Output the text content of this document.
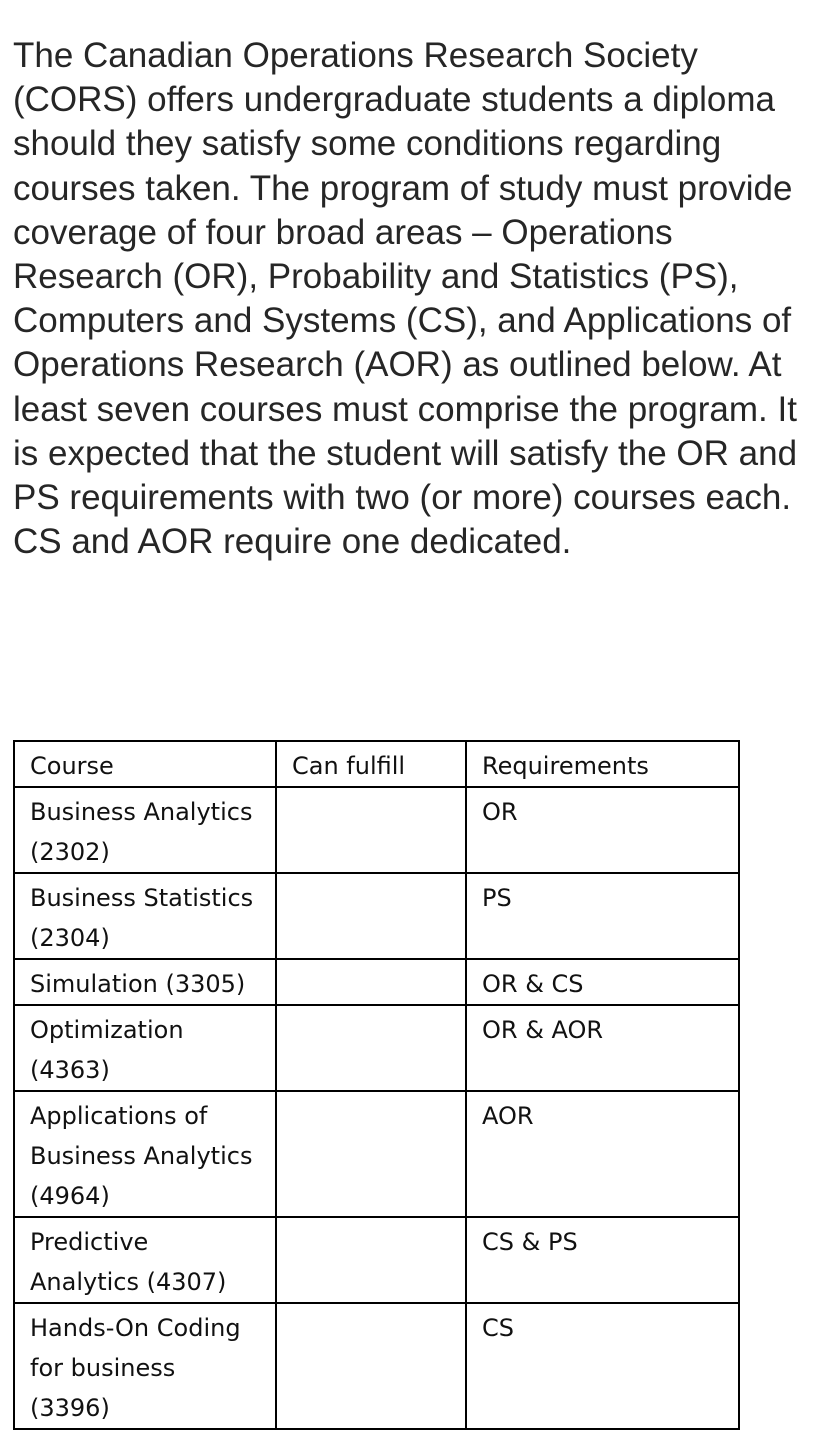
The Canadian Operations Research Society (CORS) offers undergraduate students a diploma should they satisfy some conditions regarding courses taken. The program of study must provide coverage of four broad areas – Operations Research (OR), Probability and Statistics (PS), Computers and Systems (CS), and Applications of Operations Research (AOR) as outlined below. At least seven courses must comprise the program. It is expected that the student will satisfy the OR and PS requirements with two (or more) courses each. CS and AOR require one dedicated.

Course	Can fulfill	Requirements
Business Analytics (2302)		OR
Business Statistics (2304)		PS
Simulation (3305)		OR & CS
Optimization (4363)		OR & AOR
Applications of Business Analytics (4964)		AOR
Predictive Analytics (4307)		CS & PS
Hands-On Coding for business (3396)		CS
